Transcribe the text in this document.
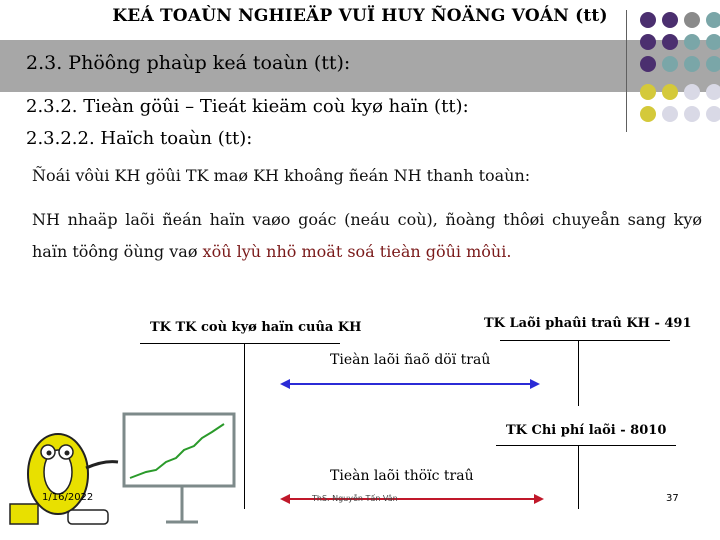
KEÁ TOAÙN NGHIEÄP VUÏ HUY ÑOÄNG VOÁN (tt)
2.3. Phöông phaùp keá toaùn (tt):
2.3.2. Tieàn göûi – Tieát kieäm coù kyø haïn (tt):
2.3.2.2. Haïch toaùn (tt):
Ñoái vôùi KH göûi TK maø KH khoâng ñeán NH thanh toaùn:
NH nhaäp laõi ñeán haïn vaøo goác (neáu coù), ñoàng thôøi chuyeån sang kyø haïn töông öùng vaø xöû lyù nhö moät soá tieàn göûi môùi.
TK TK coù kyø haïn cuûa KH	TK Laõi phaûi traû KH - 491
Tieàn laõi ñaõ döï traû
TK Chi phí laõi - 8010
Tieàn laõi thöïc traû
1/16/2022	ThS. Nguyễn Tấn Vân	37
